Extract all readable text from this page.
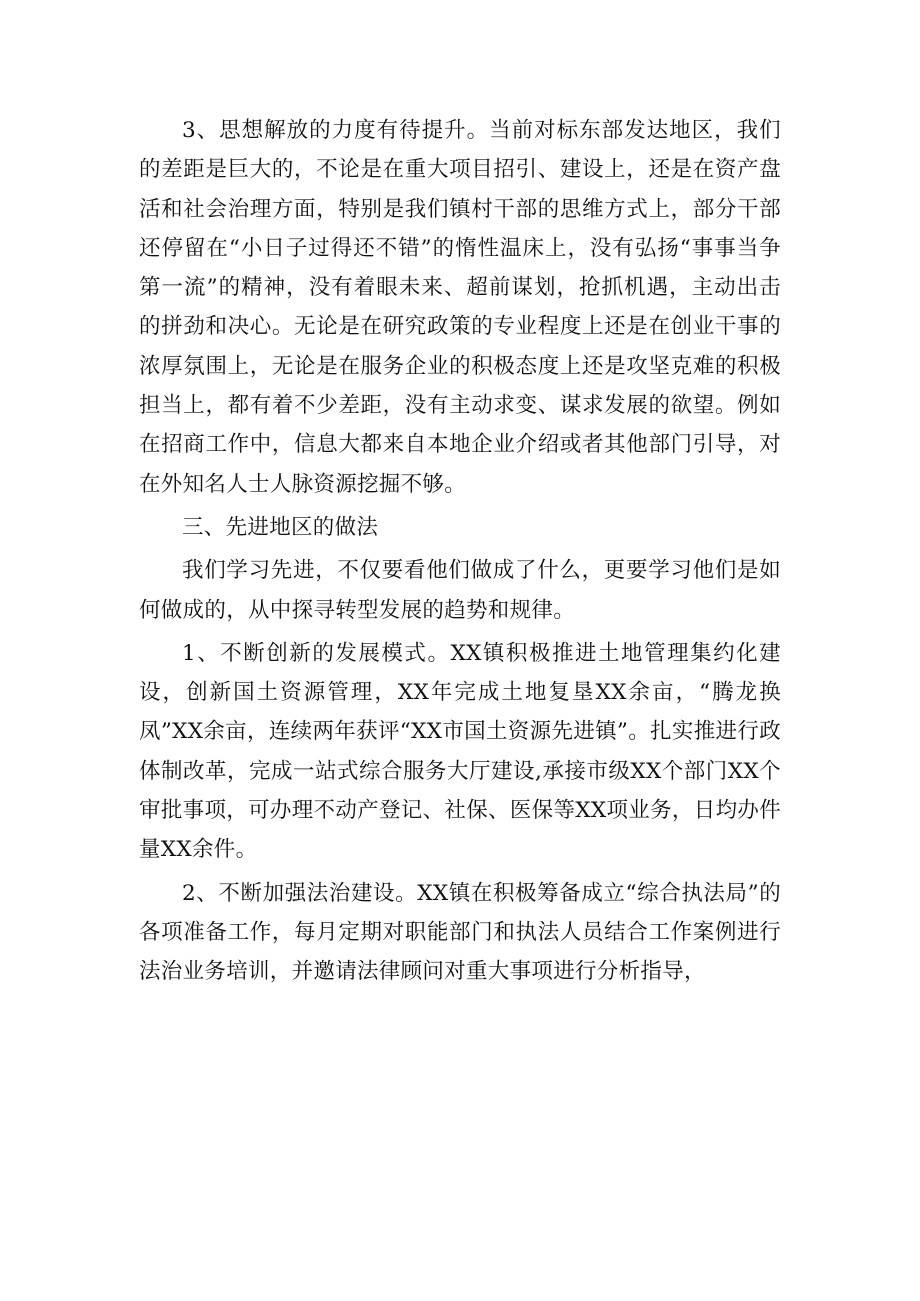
3、思想解放的力度有待提升。当前对标东部发达地区，我们的差距是巨大的，不论是在重大项目招引、建设上，还是在资产盘活和社会治理方面，特别是我们镇村干部的思维方式上，部分干部还停留在“小日子过得还不错”的惰性温床上，没有弘扬“事事当争第一流”的精神，没有着眼未来、超前谋划，抢抓机遇，主动出击的拼劲和决心。无论是在研究政策的专业程度上还是在创业干事的浓厚氛围上，无论是在服务企业的积极态度上还是攻坚克难的积极担当上，都有着不少差距，没有主动求变、谋求发展的欲望。例如在招商工作中，信息大都来自本地企业介绍或者其他部门引导，对在外知名人士人脉资源挖掘不够。

三、先进地区的做法

我们学习先进，不仅要看他们做成了什么，更要学习他们是如何做成的，从中探寻转型发展的趋势和规律。

1、不断创新的发展模式。XX镇积极推进土地管理集约化建设，创新国土资源管理，XX年完成土地复垦XX余亩，“腾龙换凤”XX余亩，连续两年获评“XX市国土资源先进镇”。扎实推进行政体制改革，完成一站式综合服务大厅建设,承接市级XX个部门XX个审批事项，可办理不动产登记、社保、医保等XX项业务，日均办件量XX余件。

2、不断加强法治建设。XX镇在积极筹备成立“综合执法局”的各项准备工作，每月定期对职能部门和执法人员结合工作案例进行法治业务培训，并邀请法律顾问对重大事项进行分析指导，
